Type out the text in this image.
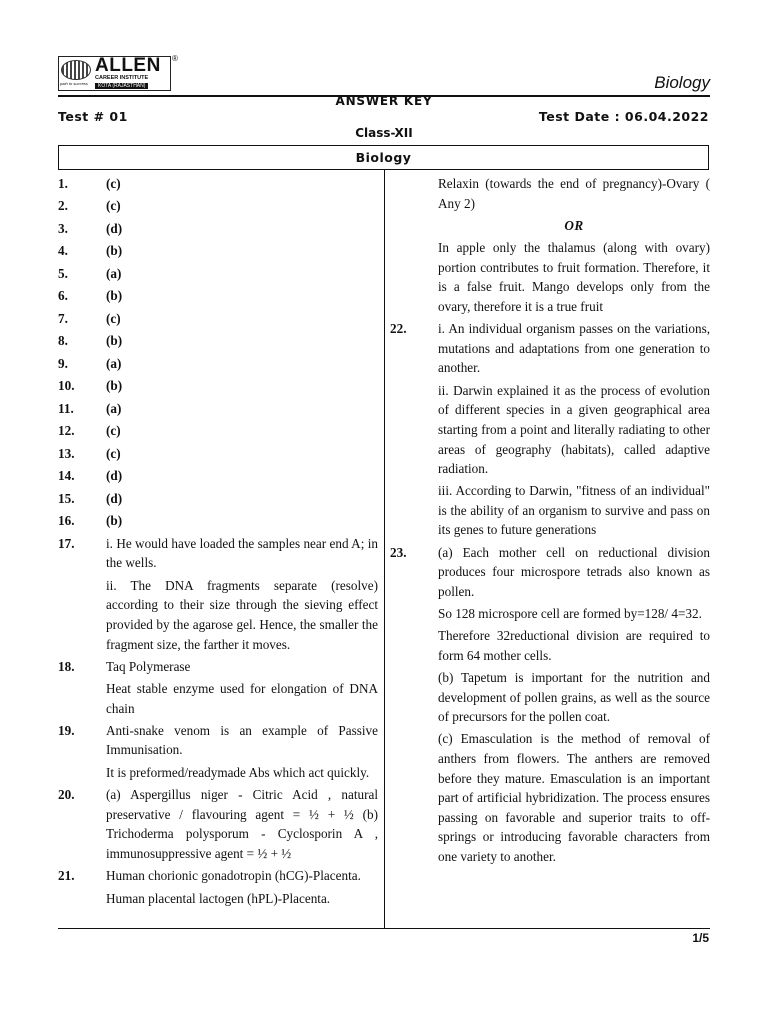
path to success
ALLEN
CAREER INSTITUTE
KOTA (RAJASTHAN)
®
Biology
ANSWER KEY
Test # 01	Test Date : 06.04.2022
Class-XII
Biology
1.	(c)
2.	(c)
3.	(d)
4.	(b)
5.	(a)
6.	(b)
7.	(c)
8.	(b)
9.	(a)
10. (b)
11. (a)
12. (c)
13. (c)
14. (d)
15. (d)
16. (b)
17. i. He would have loaded the samples near end A; in the wells.
ii. The DNA fragments separate (resolve) according to their size through the sieving effect provided by the agarose gel. Hence, the smaller the fragment size, the farther it moves.
18. Taq Polymerase
Heat stable enzyme used for elongation of DNA chain
19. Anti-snake venom is an example of Passive Immunisation.
It is preformed/readymade Abs which act quickly.
20. (a) Aspergillus niger - Citric Acid , natural preservative / flavouring agent = ½ + ½ (b) Trichoderma polysporum - Cyclosporin A , immunosuppressive agent = ½ + ½
21. Human chorionic gonadotropin (hCG)-Placenta.
Human placental lactogen (hPL)-Placenta.
Relaxin (towards the end of pregnancy)-Ovary ( Any 2)
OR
In apple only the thalamus (along with ovary) portion contributes to fruit formation. Therefore, it is a false fruit. Mango develops only from the ovary, therefore it is a true fruit
22. i. An individual organism passes on the variations, mutations and adaptations from one generation to another.
ii. Darwin explained it as the process of evolution of different species in a given geographical area starting from a point and literally radiating to other areas of geography (habitats), called adaptive radiation.
iii. According to Darwin, "fitness of an individual" is the ability of an organism to survive and pass on its genes to future generations
23. (a) Each mother cell on reductional division produces four microspore tetrads also known as pollen.
So 128 microspore cell are formed by=128/ 4=32.
Therefore 32reductional division are required to form 64 mother cells.
(b) Tapetum is important for the nutrition and development of pollen grains, as well as the source of precursors for the pollen coat.
(c) Emasculation is the method of removal of anthers from flowers. The anthers are removed before they mature. Emasculation is an important part of artificial hybridization. The process ensures passing on favorable and superior traits to off-springs or introducing favorable characters from one variety to another.
1/5
